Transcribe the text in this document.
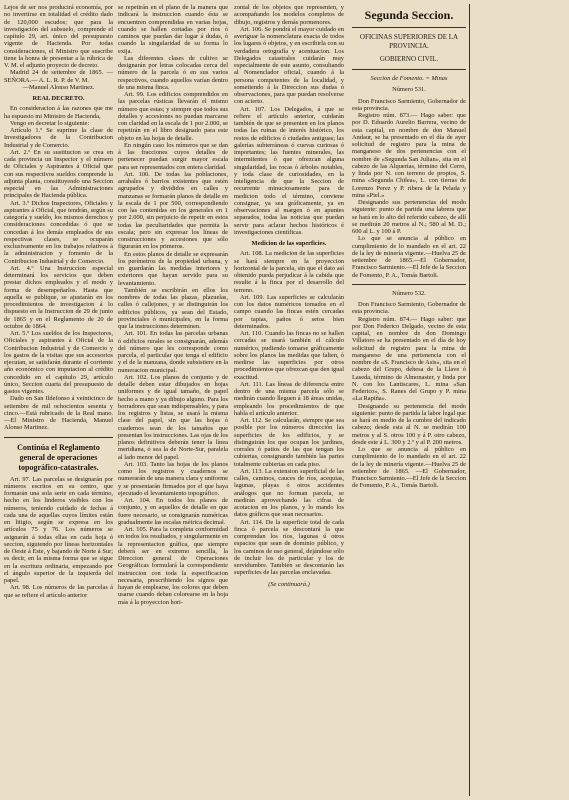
Lejos de ser nos producirá economía, por no invertirse en totalidad el crédito dado de 120,000 escudos; que para la investigación del subsuelo, comprende el capítulo 29, art. único del presupuesto vigente de Hacienda. Por todas consideraciones, el Ministro que suscribe tiene la honra de presentar a la rúbrica de V. M. el adjunto proyecto de decreto.

Madrid 24 de setiembre de 1865. —SEÑORA.— A. L. R. P. de V. M.

—Manuel Alonso Martinez.

REAL DECRETO.

En consideracion á las razones que me ha espuesto mi Ministro de Hacienda,

Vengo en decretar lo siguiente:

Artículo 1.º Se suprime la clase de Investigadores de la Contribucion Industrial y de Comercio.

Art. 2.º En su sustitucion se crea en cada provincia un Inspector y el número de Oficiales y Aspirantes á Oficial que con sus respectivos sueldos comprende la adjunta planta, constituyendo una Seccion especial en las Administraciones principales de Hacienda pública.

Art. 3.º Dichos Inspectores, Oficiales y aspirantes á Oficial, que tendrán, según su categoría y sueldo, los mismos derechos y consideraciones concedidas ó que se concedan á los demás empleados de sus respectivas clases, se ocuparán exclusivamente en los trabajos relativos á la administracion y fomento de la Contribucion Industrial y de Comercio.

Art. 4.º Una Instruccion especial determinará los servicios que deben prestar dichos empleados y el modo y forma de desempeñarlos. Hasta que aquella se publique, se ajustarán en los procedimientos de investigacion á lo dispuesto en la Instruccion de 29 de junio de 1865 y en el Reglamento de 20 de octubre de 1864.

Art. 5.º Los sueldos de los Inspectores, Oficiales y aspirantes á Oficial de la Contribucion Industrial y de Comercio y los gastos de la visitas que sus accesorios ejecutan, se satisfarán durante el corriente año económico con imputacion al crédito concedido en el capítulo 29, artículo único, Seccion cuarta del presupuesto de gastos vigentes.

Dado en San Ildefonso á veinticinco de setiembre de mil ochocientos sesenta y cinco.—Está rubricado de la Real mano.—El Ministro de Hacienda, Manuel Alonso Martinez.

Continúa el Reglamento general de operaciones topográfico-catastrales.

Art. 97. Las parcelas se designarán por números escritos en su centro, que formarán una sola serie en cada término, hecho en los linderos visibles con los números, teniendo cuidado de fechas á cada una de aquellas cuyos límites están en litigio, según se expresa en los artículos 75 y 76. Los números se asignarán á todas ellas en cada hoja ó seccion, siguiendo por líneas horizontales de Oeste á Este, y bajando de Norte á Sur; es decir, en la misma forma que se sigue en la escritura ordinaria, empezando por el ángulo superior de la izquierda del papel.

Art. 98. Los números de las parcelas á que se refiere el artículo anterior

se repetirán en el plano de la manera que indicará la instruccion cuando ésta se encuentren comprendidas en varias hojas, cuando se hallen cortadas por ríos ó caminos que puedan dar lugar á dudas, ó cuando la singularidad de su forma lo exija.

Las diferentes clases de cultivo se designarán por letras colocadas cerca del número de la parcela ó en sus varios respectivos, cuando aquellos varían dentro de una misma finca.

Art. 99. Los edificios comprendidos en las parcelas rústicas llevarán el mismo número que estas; y siempre que todos sus detalles y accesiones no puedan marcarse con claridad en la escala de 1 por 2.000, se repetirán en el libro designado para este objeto en las hojas de detalle.

En ningún caso los números que se dan á las fracciones cuyos detalles de pertenecer puedan surgir mayor escala para ser representados con entera claridad.

Art. 100. De todas las poblaciones, arrabales ó barrios existentes que estén agrupados y divididos en calles y manzanas se formarán planos de detalle en la escala de 1 por 500, correspondiendo con las contenidas en los generales en 1 por 2.000, sin perjuicio de repetir en estos todas las peculiaridades que permita la escala; pero sin expresar los líneas de construcciones y accesiones que sólo figurarán en los primeros.

En estos planos de detalle se expresarán los perímetros de la propiedad urbana, y en guardarán las medidas interiores y exteriores que hayan servido para su levantamiento.

También se escribirán en ellos los nombres de todas las plazas, plazuelas, calles ó callejones, y se distinguirán los edificios públicos, ya sean del Estado, provinciales ó municipales, en la forma que la instrucciones determinen.

Art. 101. En todas las parcelas urbanas ó edificios rurales se consignarán, además del número que les corresponde como parcela, el particular que tenga el edificio y el de la manzana, donde subsistiere en la numeracion municipal.

Art. 102. Los planos de conjunto y de detalle deben estar dibujados en hojas uniformes y de igual tamaño, de papel hecho a mano y ya dibujo alguno. Para los borradores que sean indispensables, y para los registros y listas, se usará la misma clase del papel, sin que las hojas ó cuadernos sean de los tamaños que presentan los instrucciones. Las ojas de los planos definitivos deberán tener la línea meridiana, ó sea la de Norte-Sur, paralela al lado menor del papel.

Art. 103. Tanto las hojas de los planos como los registros y cuadernos se numerarán de una manera clara y uniforme y se presentarán firmados por el que haya ejecutado el levantamiento topográfico.

Art. 104. En todos los planos de conjunto, y en aquellos de detalle en que fuere necesario, se consignarán numéricas gradualmente las escalas métrica decimal.

Art. 105. Para la completa conformidad en todos los resultados, y singularmente en la representacion gráfica, que siempre deberá ser en extremo sencilla, la Direccion general de Operaciones Geográficas formulará la correspondiente instruccion con toda la especificacion necesaria, prescribiendo los signos que hayan de emplearse, los colores que deben usarse cuando deban colorearse en la hoja más á la proyeccion hori-

zontal de los objetos que representen, y acompañando los modelos completos de dibujo, registros y demás pormenores.

Art. 106. Se pondrá el mayor cuidado en averiguar la nomenclatura exacta de todos los lugares ó objetos, y en escribirla con su verdadera ortografía y acentuacion. Los Delegados catastrales cuidarán muy especialmente de este asunto, consultando al Nomenclador oficial, cuando á la persona competentes de la localidad, y sometiendo á la Direccion sus dudas ó observaciones, para que puedan resolverse con acierto.

Art. 107. Los Delegados, á que se refiere el artículo anterior, cuidarán también de que se presenten en los planos todas las ruinas de interés histórico, los restos de edificios ó ciudades antiguas; las galerías subterráneas ó cuevas curiosas ó importantes; las fuentes minerales, las intermitentes ó que ofrezcan alguna singularidad, las rocas ó árboles notables, y toda clase de curiosidades, en la inteligencia de que la Seccion de recurrente minuciosamente para de medicion todo el término, conviene consignar, ya sea gráficamente, ya en observaciones al margen ó en apuntes separados, todas las noticias que puedan servir para aclarar hechos históricos é investigaciones científicas.

Medicion de las superficies.

Art. 108. La medicion de las superficies se hará siempre en la proyeccion horizontal de la parcela, sin que el dato así obtenido pueda perjudicar á la cabida que resulte á la finca por el desarrollo del terreno.

Art. 109. Las superficies se calcularán con los datos numéricos tomados en el campo cuando las fincas estén cercadas por tapias, paños ó setos bien determinados.

Art. 110. Cuando las fincas no se hallen cercadas se usará también el cálculo numérico, pudiendo tomarse gráficamente sobre los planos las medidas que falten, ó medirse las superficies por otros procedimientos que ofrezcan que den igual exactitud.

Art. 111. Las líneas de diferencia entre dentro de una misma parcela sólo se medirán cuando lleguen á 18 áreas unidas, empleando los procedimientos de que habla el artículo anterior.

Art. 112. Se calcularán, siempre que sea posible por los números dirección las superficies de los edificios, y se distinguirán los que ocupan los jardines, corrales ó patios de las que tengan los cubiertas, consignando también las partes totalmente cubiertas en cada piso.

Art. 113. La extension superficial de las calles, caminos, cauces de ríos, acequias, lagunas, playas ó otros accidentes análogos que no forman parcela, se medirán aprovechando las cifras de acotacion en los planos, y lo mando los datos gráficos que sean necesarios.

Art. 114. De la superficie total de cada finca ó parcela se descontará la que comprendan los ríos, lagunas ú otros espacios que sean de dominio público, y los caminos de uso general, dejándose sólo de incluir los de particular y los de servidumbre. También se descontarán las superficies de las parcelas enclavadas.

(Se continuará.)

Segunda Seccion.

OFICINAS SUPERIORES DE LA PROVINCIA.

GOBIERNO CIVIL.

Seccion de Fomento. = Minas

Número 531.

Don Francisco Sarmiento, Gobernador de esta provincia.

Registro núm. 873.— Hago saber: que por D. Eduardo Aurelio Barrera, vecino de esta capital, en nombre de don Manuel Andaur, se ha presentado en el día de ayer solicitud de registro para la mina de manganeso de dos pertenencias con el nombre de «Segunda San Julian», sita en el cabezo de las Alquerías, término del Cerro, y linda por N. con terreno de propios, S. mina «Segunda Chilea», L. con tierras de Lorenzo Perez y P. ribera de la Pelada y mina «Piel.»

Designando sus pertenencias del modo siguiente: punto de partida una labrera que se hará en lo alto del referido cabezo, de allí se medirán 20 metros al N.; 580 al M. D.; 600 al L. y 100 á P.

Lo que se anuncia al público en cumplimiento de lo mandado en el art. 22 de la ley de minería vigente.—Huelva 25 de setiembre de 1865.—El Gobernador, Francisco Sarmiento.—El Jefe de la Seccion de Fomento, P. A., Tomás Bartoli.

Número 532.

Don Francisco Sarmiento, Gobernador de esta provincia.

Registro núm. 874.— Hago saber: que por Don Federico Delgado, vecino de esta capital, en nombre de don Domingo Villatoro se ha presentado en el día de hoy solicitud de registro para la mina de manganeso de una pertenencia con el nombre de «S. Francisco de Asis», sita en el cabezo del Grupo, dehesa de la Llave ó Laseda, término de Almonaster, y linda por N. con los Lantiscares, L. mina «San Federico», S. Ranes del Grupo y P. mina «La Rapiña».

Designando su pertenencia del modo siguiente: punto de partida la labor legal que se hará en medio de la cumbre del indicado cabezo; desde esta al N. se medirán 100 metros y al S. otros 100 y á P. otro cabezo, desde este á L. 300 y 2.º y al P. 200 metros.

Lo que se anuncia al público en cumplimiento de lo mandado en el art. 22 de la ley de minería vigente.—Huelva 25 de setiembre de 1865. —El Gobernador, Francisco Sarmiento.—El Jefe de la Seccion de Fomento, P. A., Tomás Bartoli.
